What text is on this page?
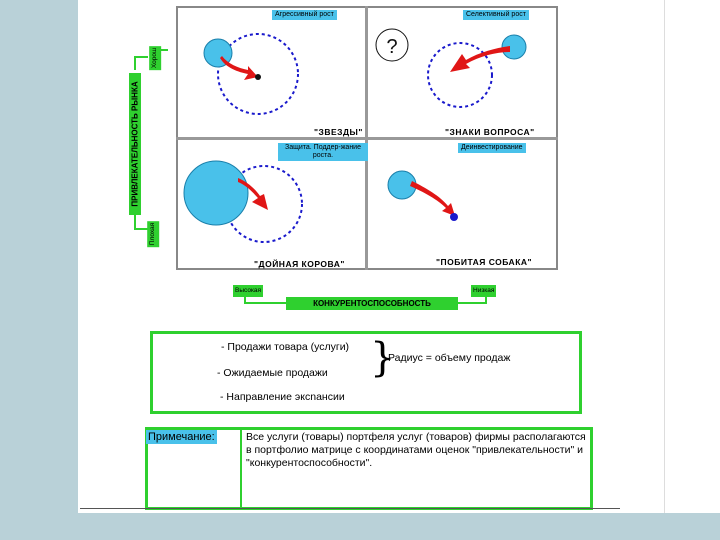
Агрессивный рост	Селективный рост
Защита. Поддер-жание роста.
Деинвестирование
"ЗВЕЗДЫ"	"ЗНАКИ ВОПРОСА"
"ДОЙНАЯ КОРОВА"	"ПОБИТАЯ СОБАКА"
?
ПРИВЛЕКАТЕЛЬНОСТЬ РЫНКА
Хорош
Плохая
Высокая	Низкая
КОНКУРЕНТОСПОСОБНОСТЬ
- Продажи товара (услуги)
- Ожидаемые продажи
- Направление эксnансии
}
Радиус = объему продаж
Примечание:	Все услуги (товары) портфеля услуг (товаров) фирмы располагаются в портфолио матрице с координатами оценок "привлекательности" и "конкурентоспособности".
